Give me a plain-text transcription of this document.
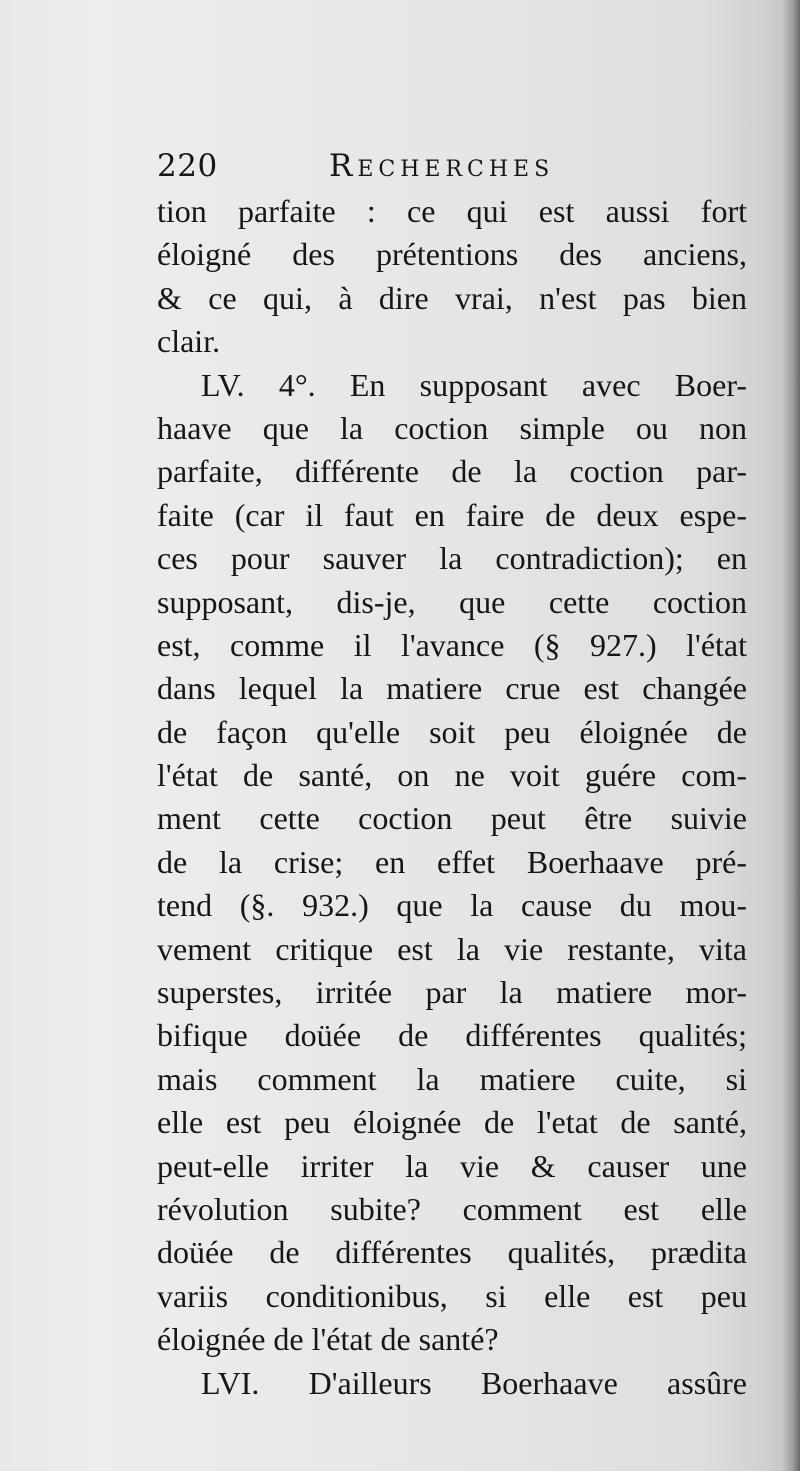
220	Recherches
tion parfaite : ce qui est aussi fort
éloigné des prétentions des anciens,
& ce qui, à dire vrai, n'est pas bien
clair.
LV. 4°. En supposant avec Boer-
haave que la coction simple ou non
parfaite, différente de la coction par-
faite (car il faut en faire de deux espe-
ces pour sauver la contradiction); en
supposant, dis-je, que cette coction
est, comme il l'avance (§ 927.) l'état
dans lequel la matiere crue est changée
de façon qu'elle soit peu éloignée de
l'état de santé, on ne voit guére com-
ment cette coction peut être suivie
de la crise; en effet Boerhaave pré-
tend (§. 932.) que la cause du mou-
vement critique est la vie restante, vita
superstes, irritée par la matiere mor-
bifique doüée de différentes qualités;
mais comment la matiere cuite, si
elle est peu éloignée de l'etat de santé,
peut-elle irriter la vie & causer une
révolution subite? comment est elle
doüée de différentes qualités, prædita
variis conditionibus, si elle est peu
éloignée de l'état de santé?
LVI. D'ailleurs Boerhaave assûre
